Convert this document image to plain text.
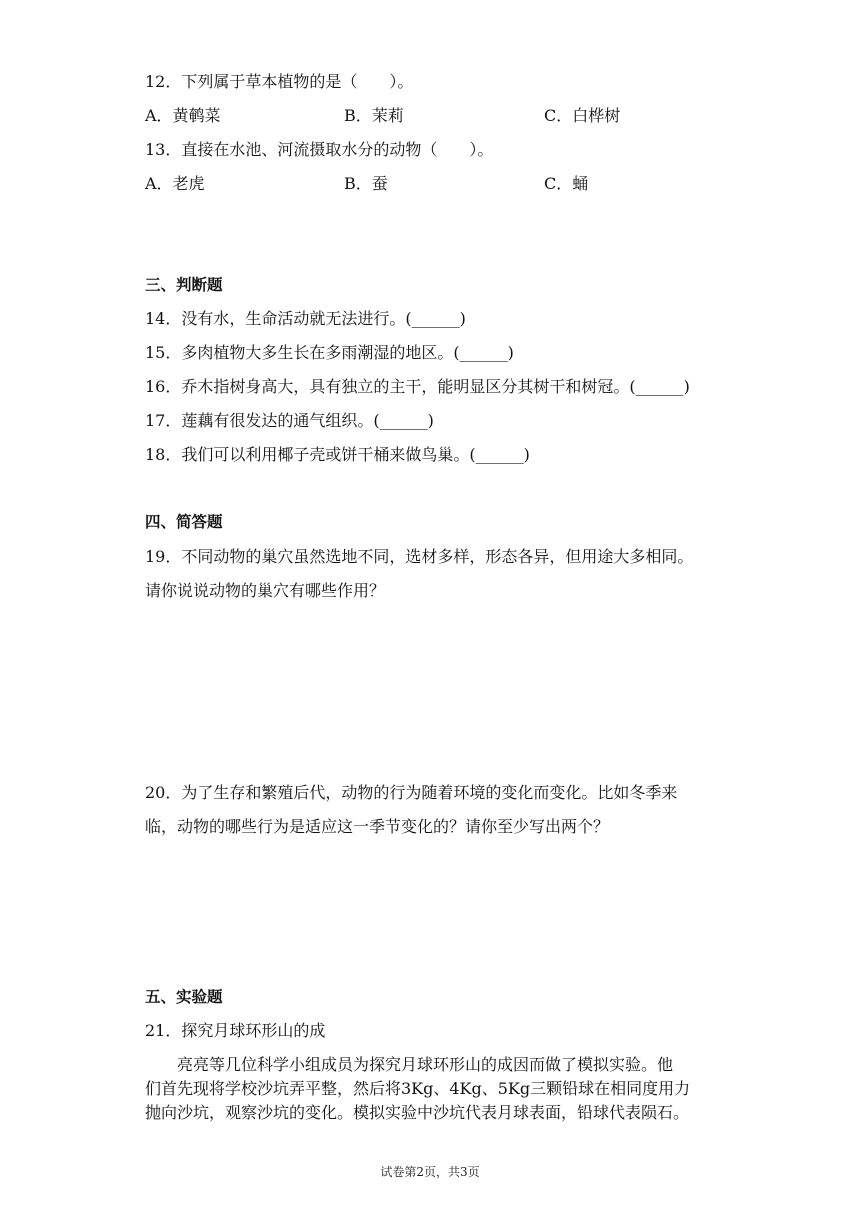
12．下列属于草本植物的是（　　）。
A．黄鹌菜	B．茉莉	C．白桦树
13．直接在水池、河流摄取水分的动物（　　）。
A．老虎	B．蚕	C．蛹
三、判断题
14．没有水，生命活动就无法进行。(______)
15．多肉植物大多生长在多雨潮湿的地区。(______)
16．乔木指树身高大，具有独立的主干，能明显区分其树干和树冠。(______)
17．莲藕有很发达的通气组织。(______)
18．我们可以利用椰子壳或饼干桶来做鸟巢。(______)
四、简答题
19．不同动物的巢穴虽然选地不同，选材多样，形态各异，但用途大多相同。
请你说说动物的巢穴有哪些作用？
20．为了生存和繁殖后代，动物的行为随着环境的变化而变化。比如冬季来
临，动物的哪些行为是适应这一季节变化的？请你至少写出两个？
五、实验题
21．探究月球环形山的成
亮亮等几位科学小组成员为探究月球环形山的成因而做了模拟实验。他
们首先现将学校沙坑弄平整，然后将3Kg、4Kg、5Kg三颗铅球在相同度用力
抛向沙坑，观察沙坑的变化。模拟实验中沙坑代表月球表面，铅球代表陨石。
试卷第2页，共3页
